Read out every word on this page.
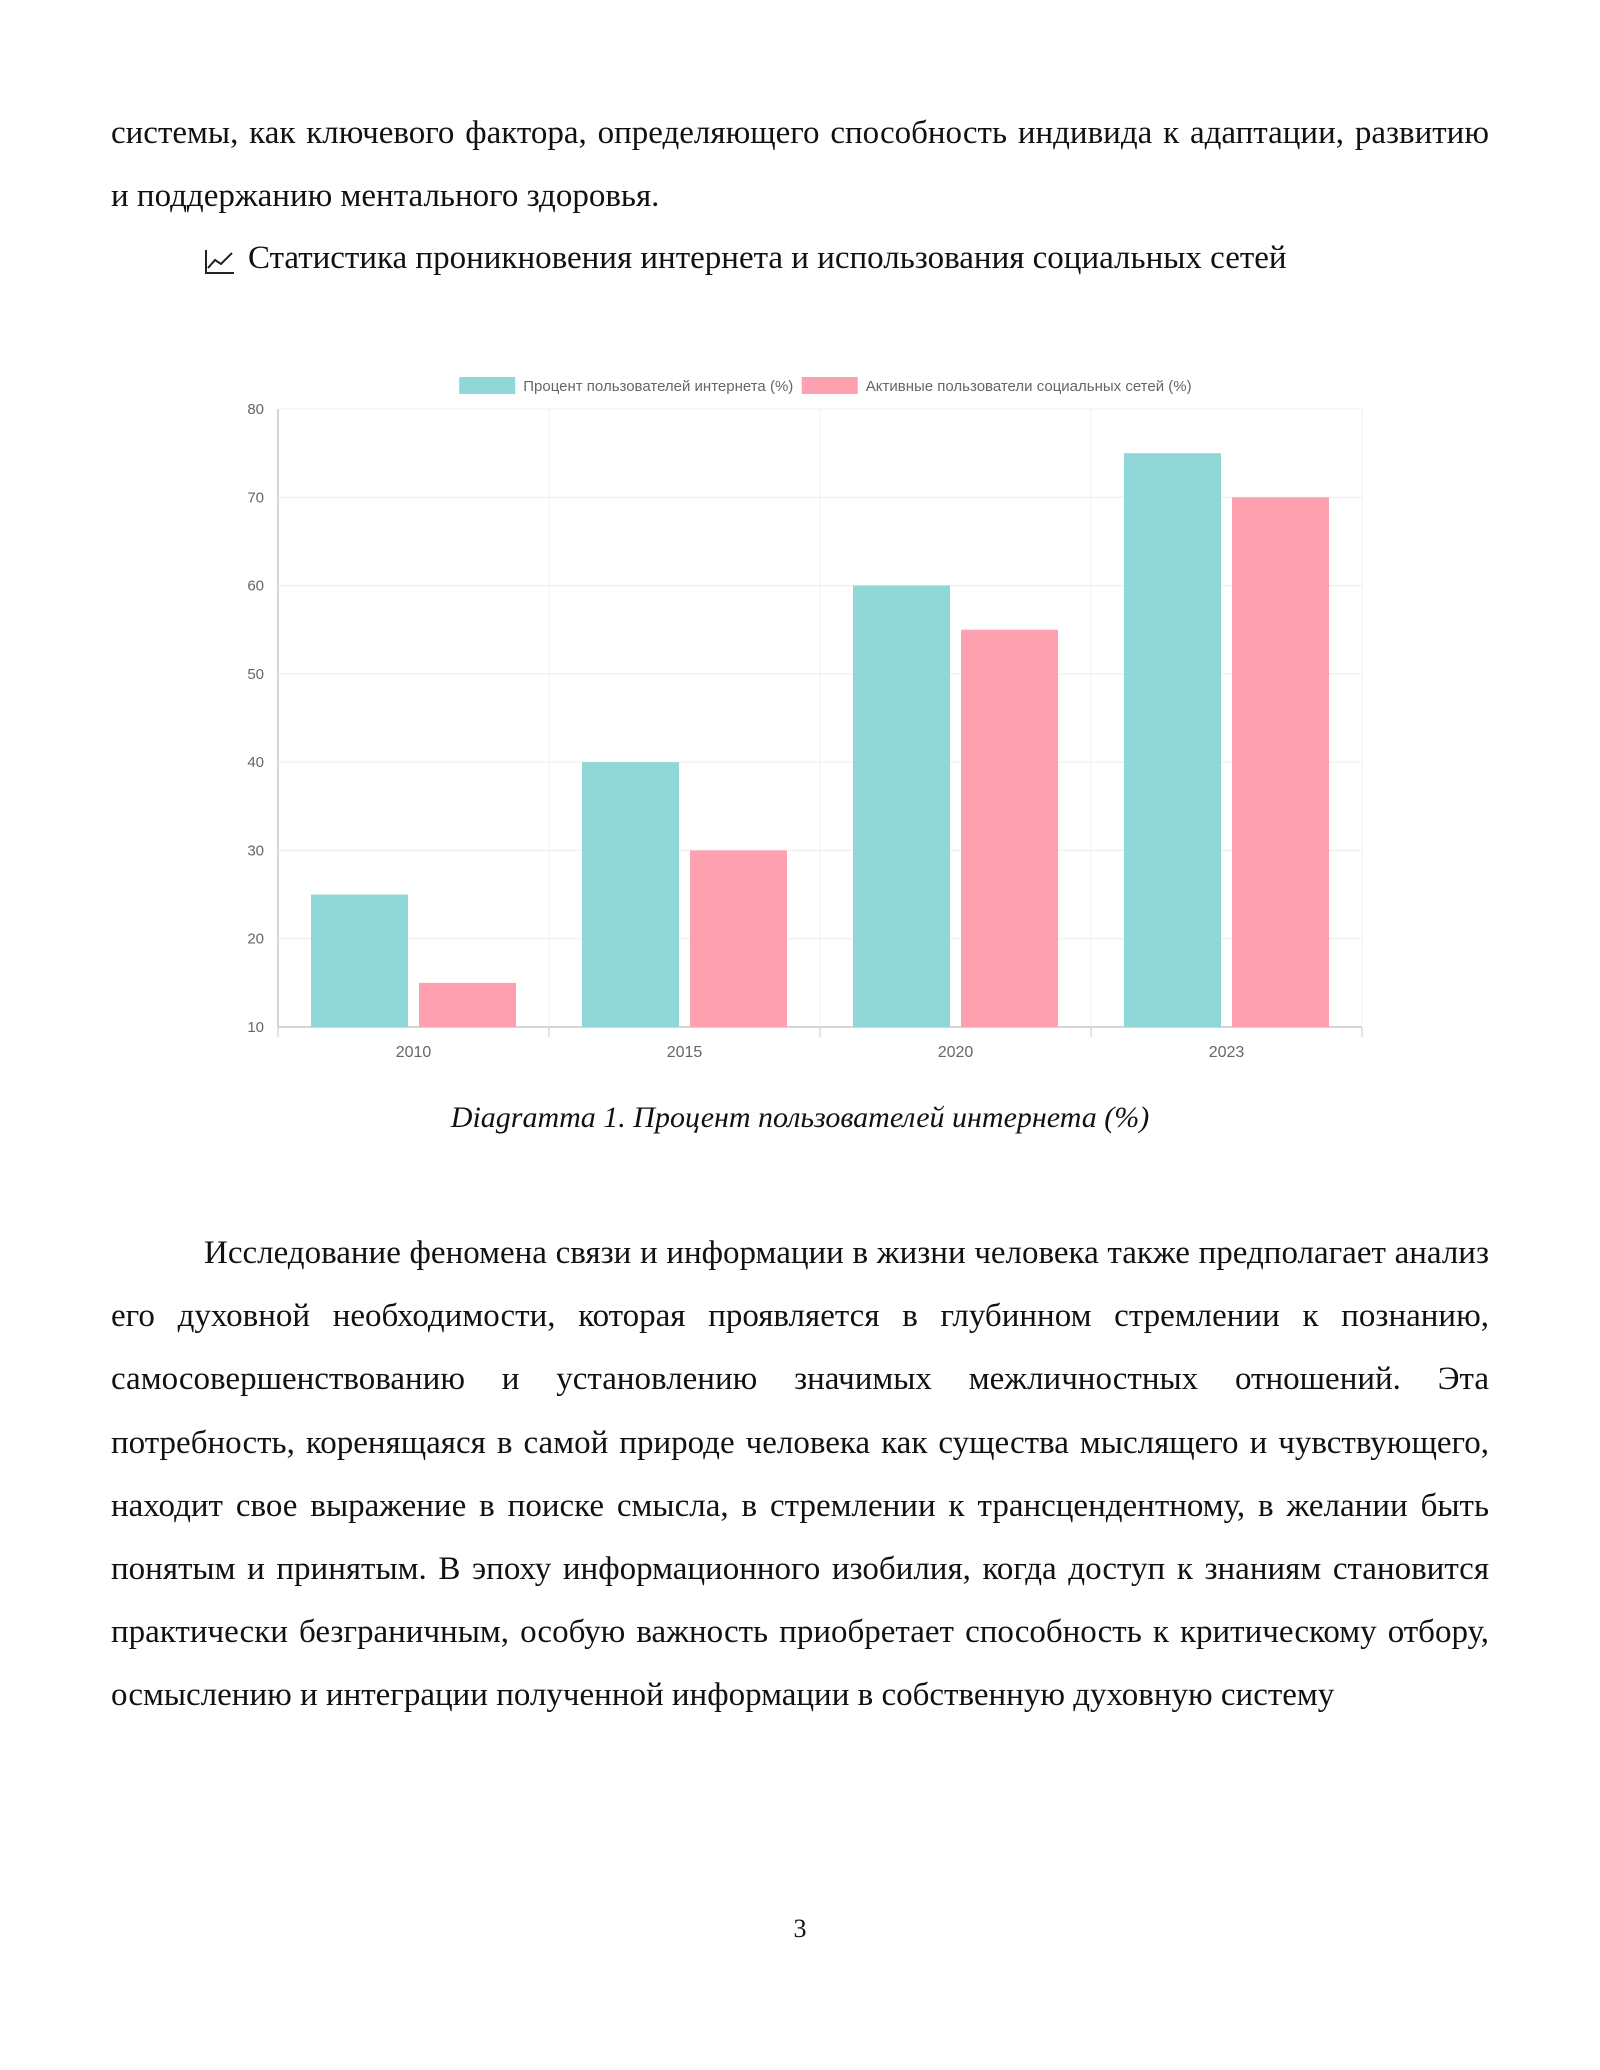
системы, как ключевого фактора, определяющего способность индивида к адаптации, развитию и поддержанию ментального здоровья.

Статистика проникновения интернета и использования социальных сетей
10
20
30
40
50
60
70
80
2010	2015	2020	2023
Процент пользователей интернета (%)	Активные пользователи социальных сетей (%)

Diagramma 1. Процент пользователей интернета (%)

Исследование феномена связи и информации в жизни человека также предполагает анализ его духовной необходимости, которая проявляется в глубинном стремлении к познанию, самосовершенствованию и установлению значимых межличностных отношений. Эта потребность, коренящаяся в самой природе человека как существа мыслящего и чувствующего, находит свое выражение в поиске смысла, в стремлении к трансцендентному, в желании быть понятым и принятым. В эпоху информационного изобилия, когда доступ к знаниям становится практически безграничным, особую важность приобретает способность к критическому отбору, осмыслению и интеграции полученной информации в собственную духовную систему

3
